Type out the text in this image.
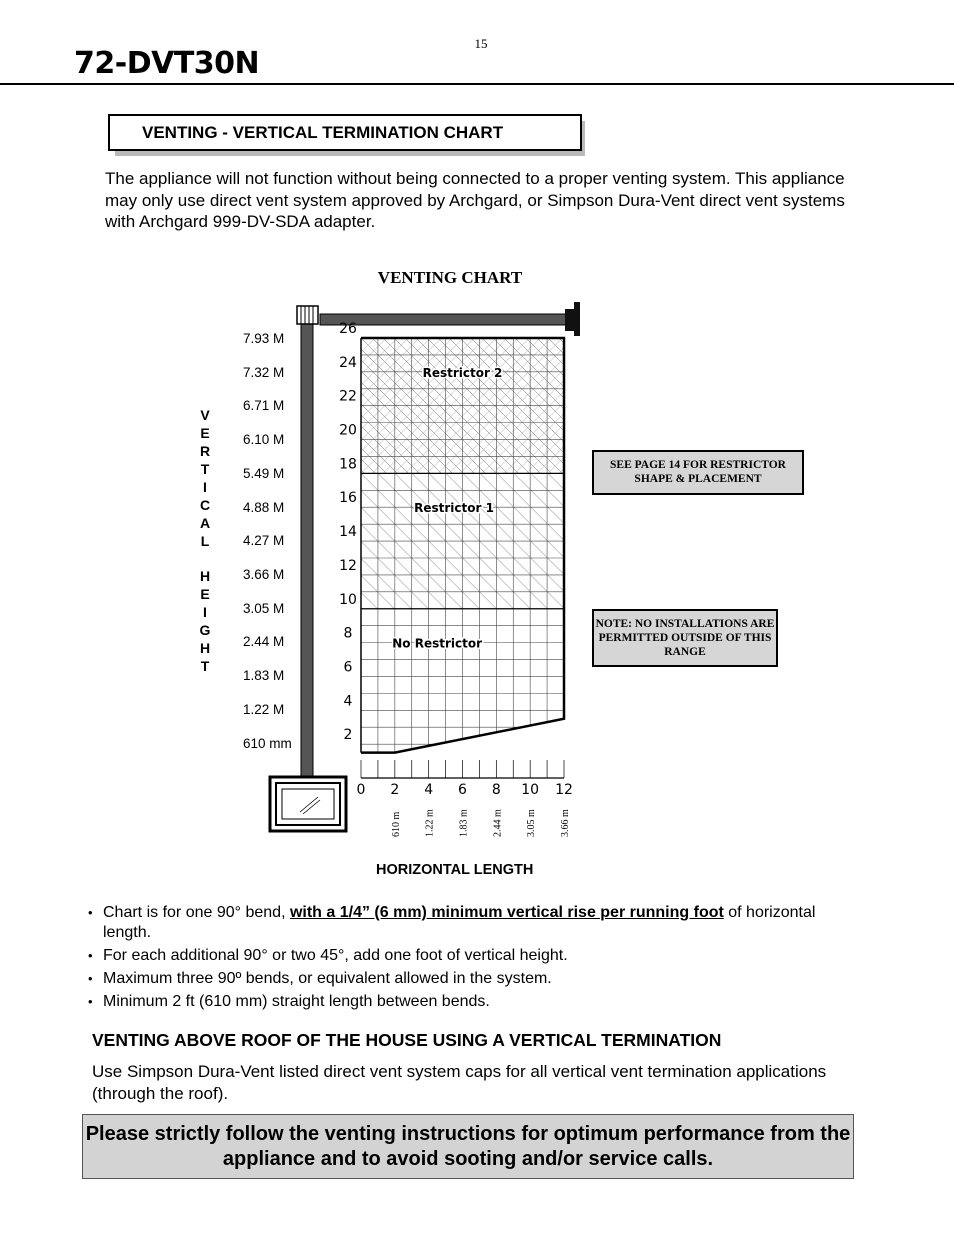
15
72-DVT30N
VENTING - VERTICAL TERMINATION CHART
The appliance will not function without being connected to a proper venting system. This appliance may only use direct vent system approved by Archgard, or Simpson Dura-Vent direct vent systems with Archgard 999-DV-SDA adapter.
VENTING CHART
V
E
R
T
I
C
A
L
H
E
I
G
H
T
7.93 M
7.32 M
6.71 M
6.10 M
5.49 M
4.88 M
4.27 M
3.66 M
3.05 M
2.44 M
1.83 M
1.22 M
610 mm
No Restrictor
Restrictor 1
Restrictor 2
2
4
6
8
10
12
14
16
18
20
22
24
26
0 2 4 6 8 10 12
610 m 1.22 m 1.83 m 2.44 m 3.05 m 3.66 m
SEE PAGE 14 FOR RESTRICTOR SHAPE & PLACEMENT
NOTE: NO INSTALLATIONS ARE PERMITTED OUTSIDE OF THIS RANGE
HORIZONTAL LENGTH
• Chart is for one 90° bend, with a 1/4” (6 mm) minimum vertical rise per running foot of horizontal length.
• For each additional 90° or two 45°, add one foot of vertical height.
• Maximum three 90º bends, or equivalent allowed in the system.
• Minimum 2 ft (610 mm) straight length between bends.
VENTING ABOVE ROOF OF THE HOUSE USING A VERTICAL TERMINATION
Use Simpson Dura-Vent listed direct vent system caps for all vertical vent termination applications (through the roof).
Please strictly follow the venting instructions for optimum performance from the appliance and to avoid sooting and/or service calls.
